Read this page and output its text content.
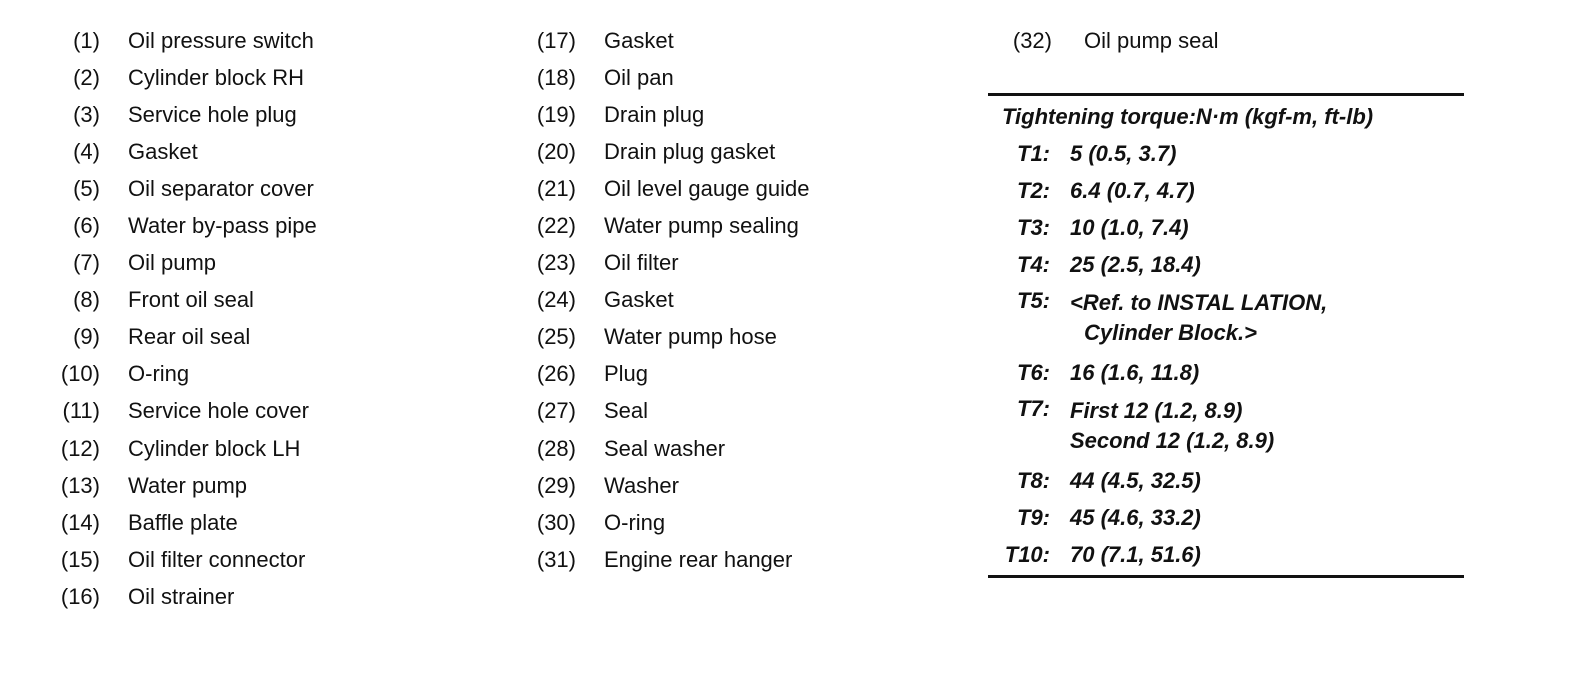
(1) Oil pressure switch
(2) Cylinder block RH
(3) Service hole plug
(4) Gasket
(5) Oil separator cover
(6) Water by-pass pipe
(7) Oil pump
(8) Front oil seal
(9) Rear oil seal
(10) O-ring
(11) Service hole cover
(12) Cylinder block LH
(13) Water pump
(14) Baffle plate
(15) Oil filter connector
(16) Oil strainer
(17) Gasket
(18) Oil pan
(19) Drain plug
(20) Drain plug gasket
(21) Oil level gauge guide
(22) Water pump sealing
(23) Oil filter
(24) Gasket
(25) Water pump hose
(26) Plug
(27) Seal
(28) Seal washer
(29) Washer
(30) O-ring
(31) Engine rear hanger
(32) Oil pump seal
Tightening torque:N·m (kgf-m, ft-lb)
T1: 5 (0.5, 3.7)
T2: 6.4 (0.7, 4.7)
T3: 10 (1.0, 7.4)
T4: 25 (2.5, 18.4)
T5: <Ref. to INSTAL LATION,
Cylinder Block.>
T6: 16 (1.6, 11.8)
T7: First 12 (1.2, 8.9)
Second 12 (1.2, 8.9)
T8: 44 (4.5, 32.5)
T9: 45 (4.6, 33.2)
T10: 70 (7.1, 51.6)
